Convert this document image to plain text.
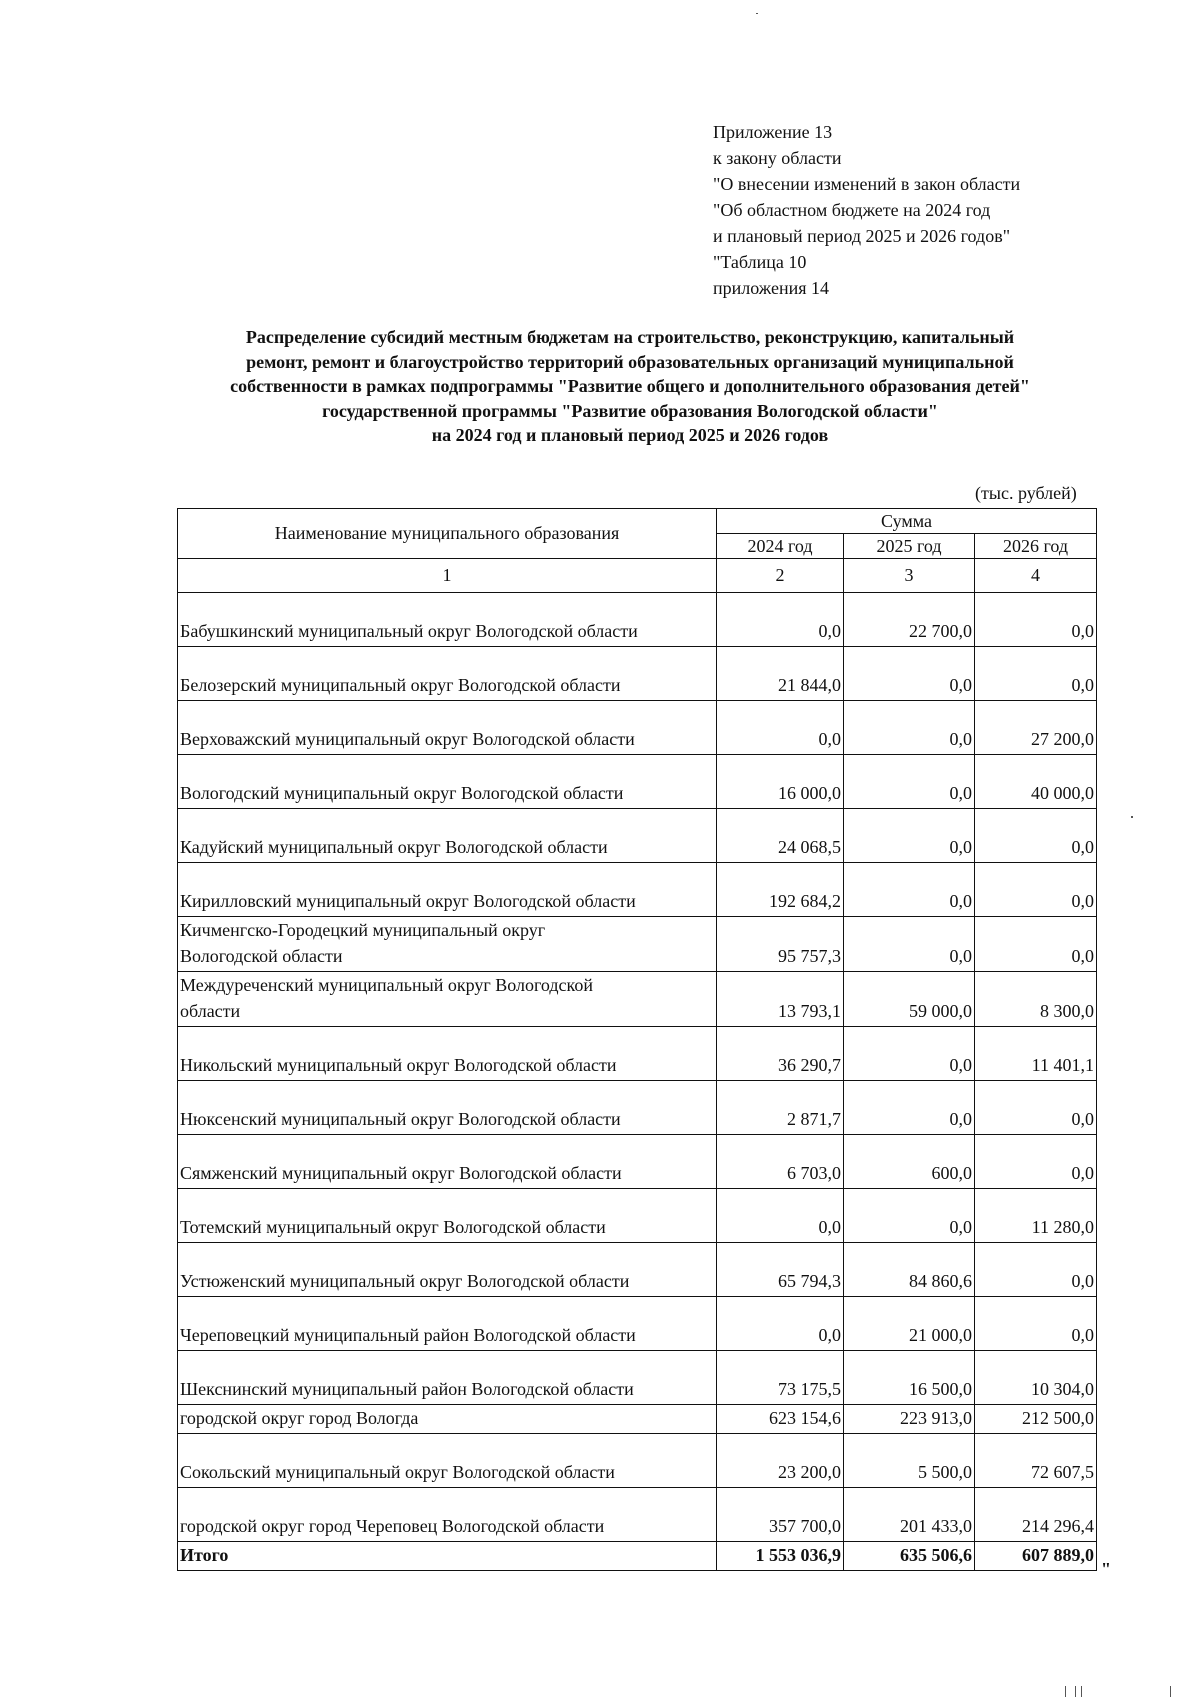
Приложение 13
к закону области
"О внесении изменений в закон области
"Об областном бюджете на 2024 год
и плановый период 2025 и 2026 годов"
"Таблица 10
приложения 14
Распределение субсидий местным бюджетам на строительство, реконструкцию, капитальный
ремонт, ремонт и благоустройство территорий образовательных организаций муниципальной
собственности в рамках подпрограммы "Развитие общего и дополнительного образования детей"
государственной программы "Развитие образования Вологодской области"
на 2024 год и плановый период 2025 и 2026 годов
(тыс. рублей)
Наименование муниципального образования	Сумма		
	2024 год	2025 год	2026 год
1	2	3	4

Бабушкинский муниципальный округ Вологодской области	0,0	22 700,0	0,0

Белозерский муниципальный округ Вологодской области	21 844,0	0,0	0,0

Верховажский муниципальный округ Вологодской области	0,0	0,0	27 200,0

Вологодский муниципальный округ Вологодской области	16 000,0	0,0	40 000,0

Кадуйский муниципальный округ Вологодской области	24 068,5	0,0	0,0

Кирилловский муниципальный округ Вологодской области	192 684,2	0,0	0,0

Кичменгско-Городецкий муниципальный округ
Вологодской области	95 757,3	0,0	0,0

Междуреченский муниципальный округ Вологодской
области	13 793,1	59 000,0	8 300,0

Никольский муниципальный округ Вологодской области	36 290,7	0,0	11 401,1

Нюксенский муниципальный округ Вологодской области	2 871,7	0,0	0,0

Сямженский муниципальный округ Вологодской области	6 703,0	600,0	0,0

Тотемский муниципальный округ Вологодской области	0,0	0,0	11 280,0

Устюженский муниципальный округ Вологодской области	65 794,3	84 860,6	0,0

Череповецкий муниципальный район Вологодской области	0,0	21 000,0	0,0

Шекснинский муниципальный район Вологодской области	73 175,5	16 500,0	10 304,0

городской округ город Вологда	623 154,6	223 913,0	212 500,0

Сокольский муниципальный округ Вологодской области	23 200,0	5 500,0	72 607,5

городской округ город Череповец Вологодской области	357 700,0	201 433,0	214 296,4
Итого	1 553 036,9	635 506,6	607 889,0
"
